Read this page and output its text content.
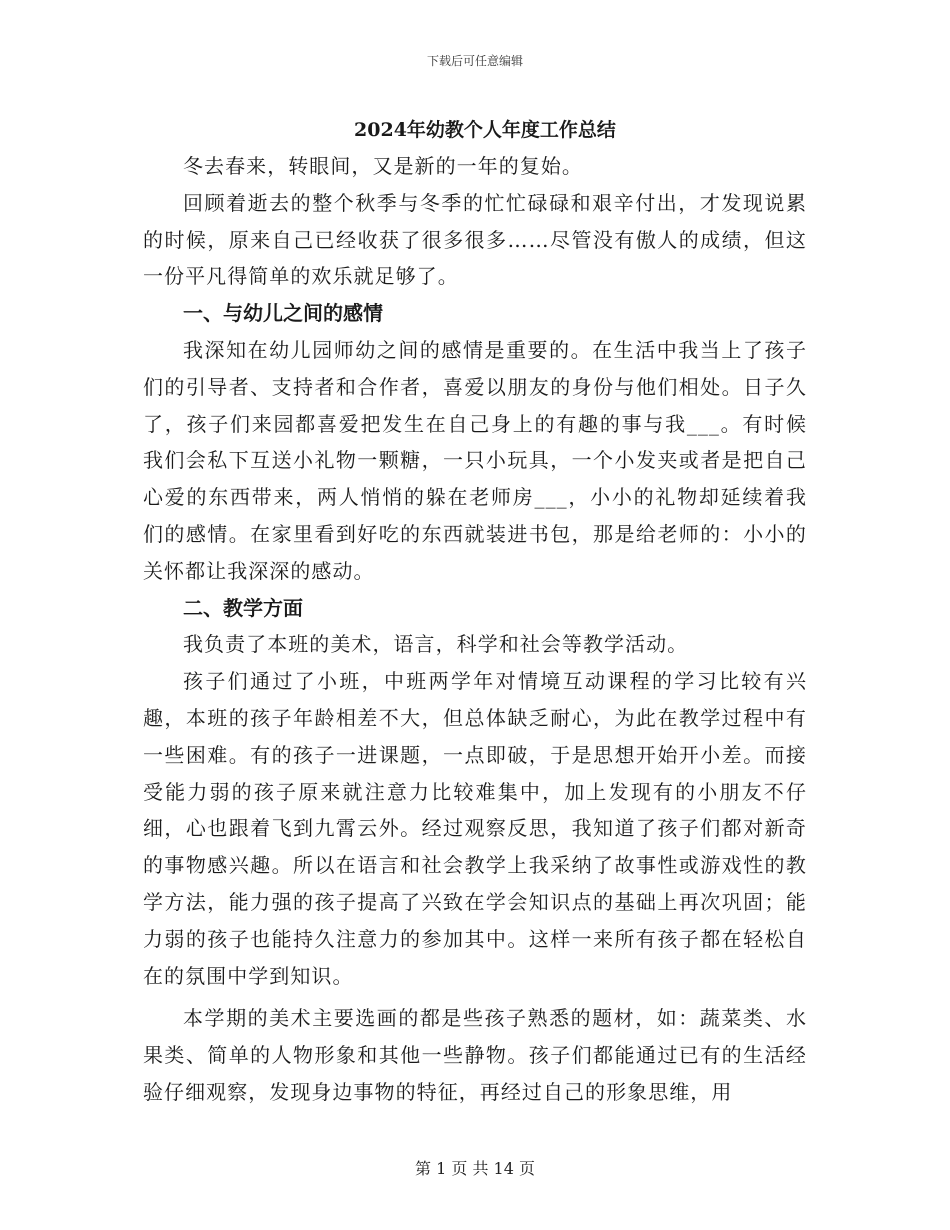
下载后可任意编辑

2024年幼教个人年度工作总结

冬去春来，转眼间，又是新的一年的复始。

回顾着逝去的整个秋季与冬季的忙忙碌碌和艰辛付出，才发现说累的时候，原来自己已经收获了很多很多……尽管没有傲人的成绩，但这一份平凡得简单的欢乐就足够了。

一、与幼儿之间的感情

我深知在幼儿园师幼之间的感情是重要的。在生活中我当上了孩子们的引导者、支持者和合作者，喜爱以朋友的身份与他们相处。日子久了，孩子们来园都喜爱把发生在自己身上的有趣的事与我___。有时候我们会私下互送小礼物一颗糖，一只小玩具，一个小发夹或者是把自己心爱的东西带来，两人悄悄的躲在老师房___，小小的礼物却延续着我们的感情。在家里看到好吃的东西就装进书包，那是给老师的：小小的关怀都让我深深的感动。

二、教学方面

我负责了本班的美术，语言，科学和社会等教学活动。

孩子们通过了小班，中班两学年对情境互动课程的学习比较有兴趣，本班的孩子年龄相差不大，但总体缺乏耐心，为此在教学过程中有一些困难。有的孩子一进课题，一点即破，于是思想开始开小差。而接受能力弱的孩子原来就注意力比较难集中，加上发现有的小朋友不仔细，心也跟着飞到九霄云外。经过观察反思，我知道了孩子们都对新奇的事物感兴趣。所以在语言和社会教学上我采纳了故事性或游戏性的教学方法，能力强的孩子提高了兴致在学会知识点的基础上再次巩固；能力弱的孩子也能持久注意力的参加其中。这样一来所有孩子都在轻松自在的氛围中学到知识。

本学期的美术主要选画的都是些孩子熟悉的题材，如：蔬菜类、水果类、简单的人物形象和其他一些静物。孩子们都能通过已有的生活经验仔细观察，发现身边事物的特征，再经过自己的形象思维，用

第 1 页 共 14 页
